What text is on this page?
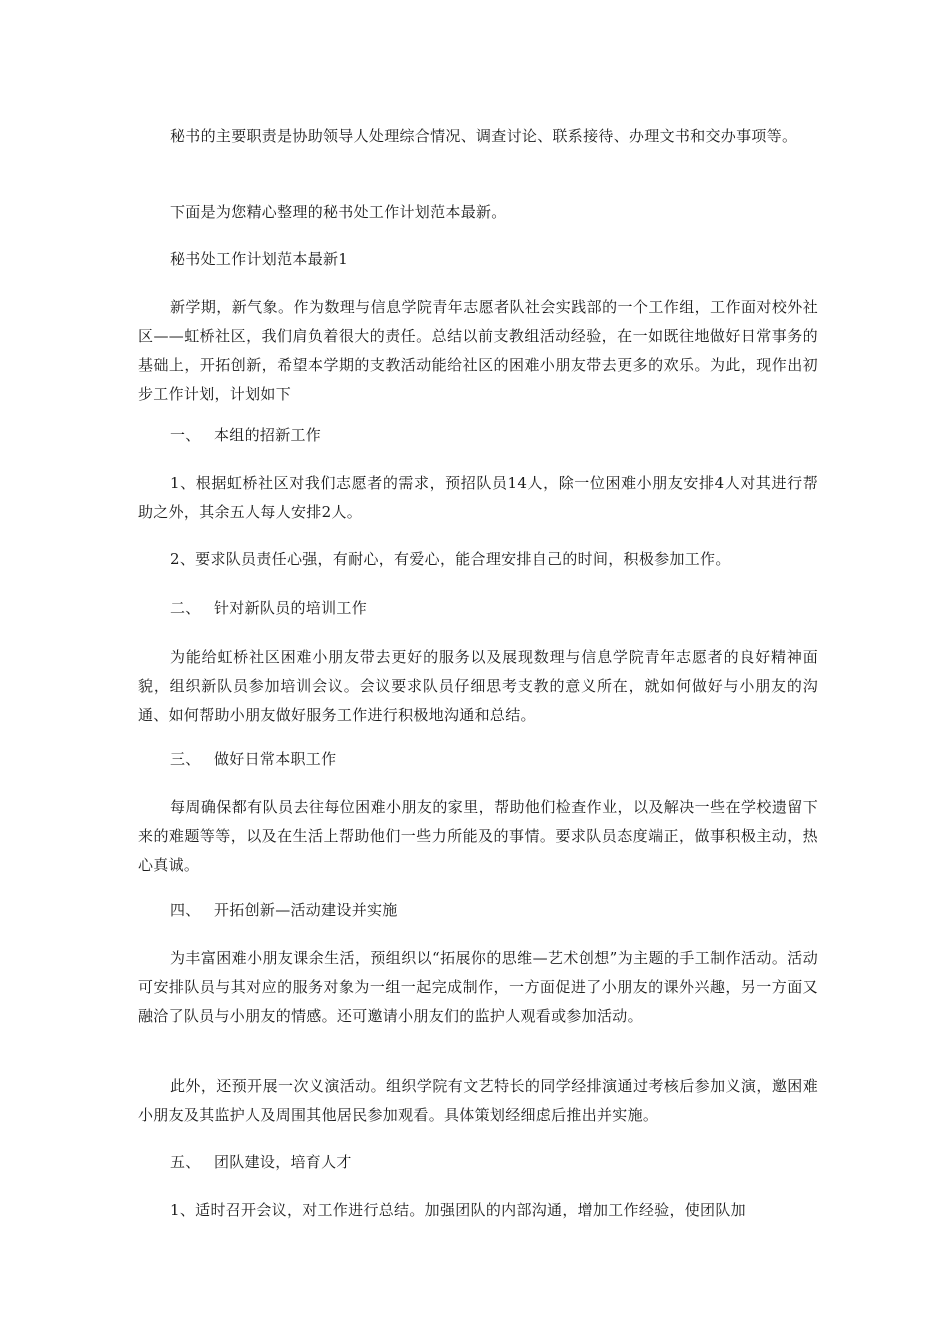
秘书的主要职责是协助领导人处理综合情况、调查讨论、联系接待、办理文书和交办事项等。

下面是为您精心整理的秘书处工作计划范本最新。

秘书处工作计划范本最新1

新学期，新气象。作为数理与信息学院青年志愿者队社会实践部的一个工作组，工作面对校外社区——虹桥社区，我们肩负着很大的责任。总结以前支教组活动经验，在一如既往地做好日常事务的基础上，开拓创新，希望本学期的支教活动能给社区的困难小朋友带去更多的欢乐。为此，现作出初步工作计划，计划如下

一、 本组的招新工作

1、根据虹桥社区对我们志愿者的需求，预招队员14人，除一位困难小朋友安排4人对其进行帮助之外，其余五人每人安排2人。

2、要求队员责任心强，有耐心，有爱心，能合理安排自己的时间，积极参加工作。

二、 针对新队员的培训工作

为能给虹桥社区困难小朋友带去更好的服务以及展现数理与信息学院青年志愿者的良好精神面貌，组织新队员参加培训会议。会议要求队员仔细思考支教的意义所在，就如何做好与小朋友的沟通、如何帮助小朋友做好服务工作进行积极地沟通和总结。

三、 做好日常本职工作

每周确保都有队员去往每位困难小朋友的家里，帮助他们检查作业，以及解决一些在学校遗留下来的难题等等，以及在生活上帮助他们一些力所能及的事情。要求队员态度端正，做事积极主动，热心真诚。

四、 开拓创新—活动建设并实施

为丰富困难小朋友课余生活，预组织以“拓展你的思维—艺术创想”为主题的手工制作活动。活动可安排队员与其对应的服务对象为一组一起完成制作，一方面促进了小朋友的课外兴趣，另一方面又融洽了队员与小朋友的情感。还可邀请小朋友们的监护人观看或参加活动。

此外，还预开展一次义演活动。组织学院有文艺特长的同学经排演通过考核后参加义演，邀困难小朋友及其监护人及周围其他居民参加观看。具体策划经细虑后推出并实施。

五、 团队建设，培育人才

1、适时召开会议，对工作进行总结。加强团队的内部沟通，增加工作经验，使团队加
